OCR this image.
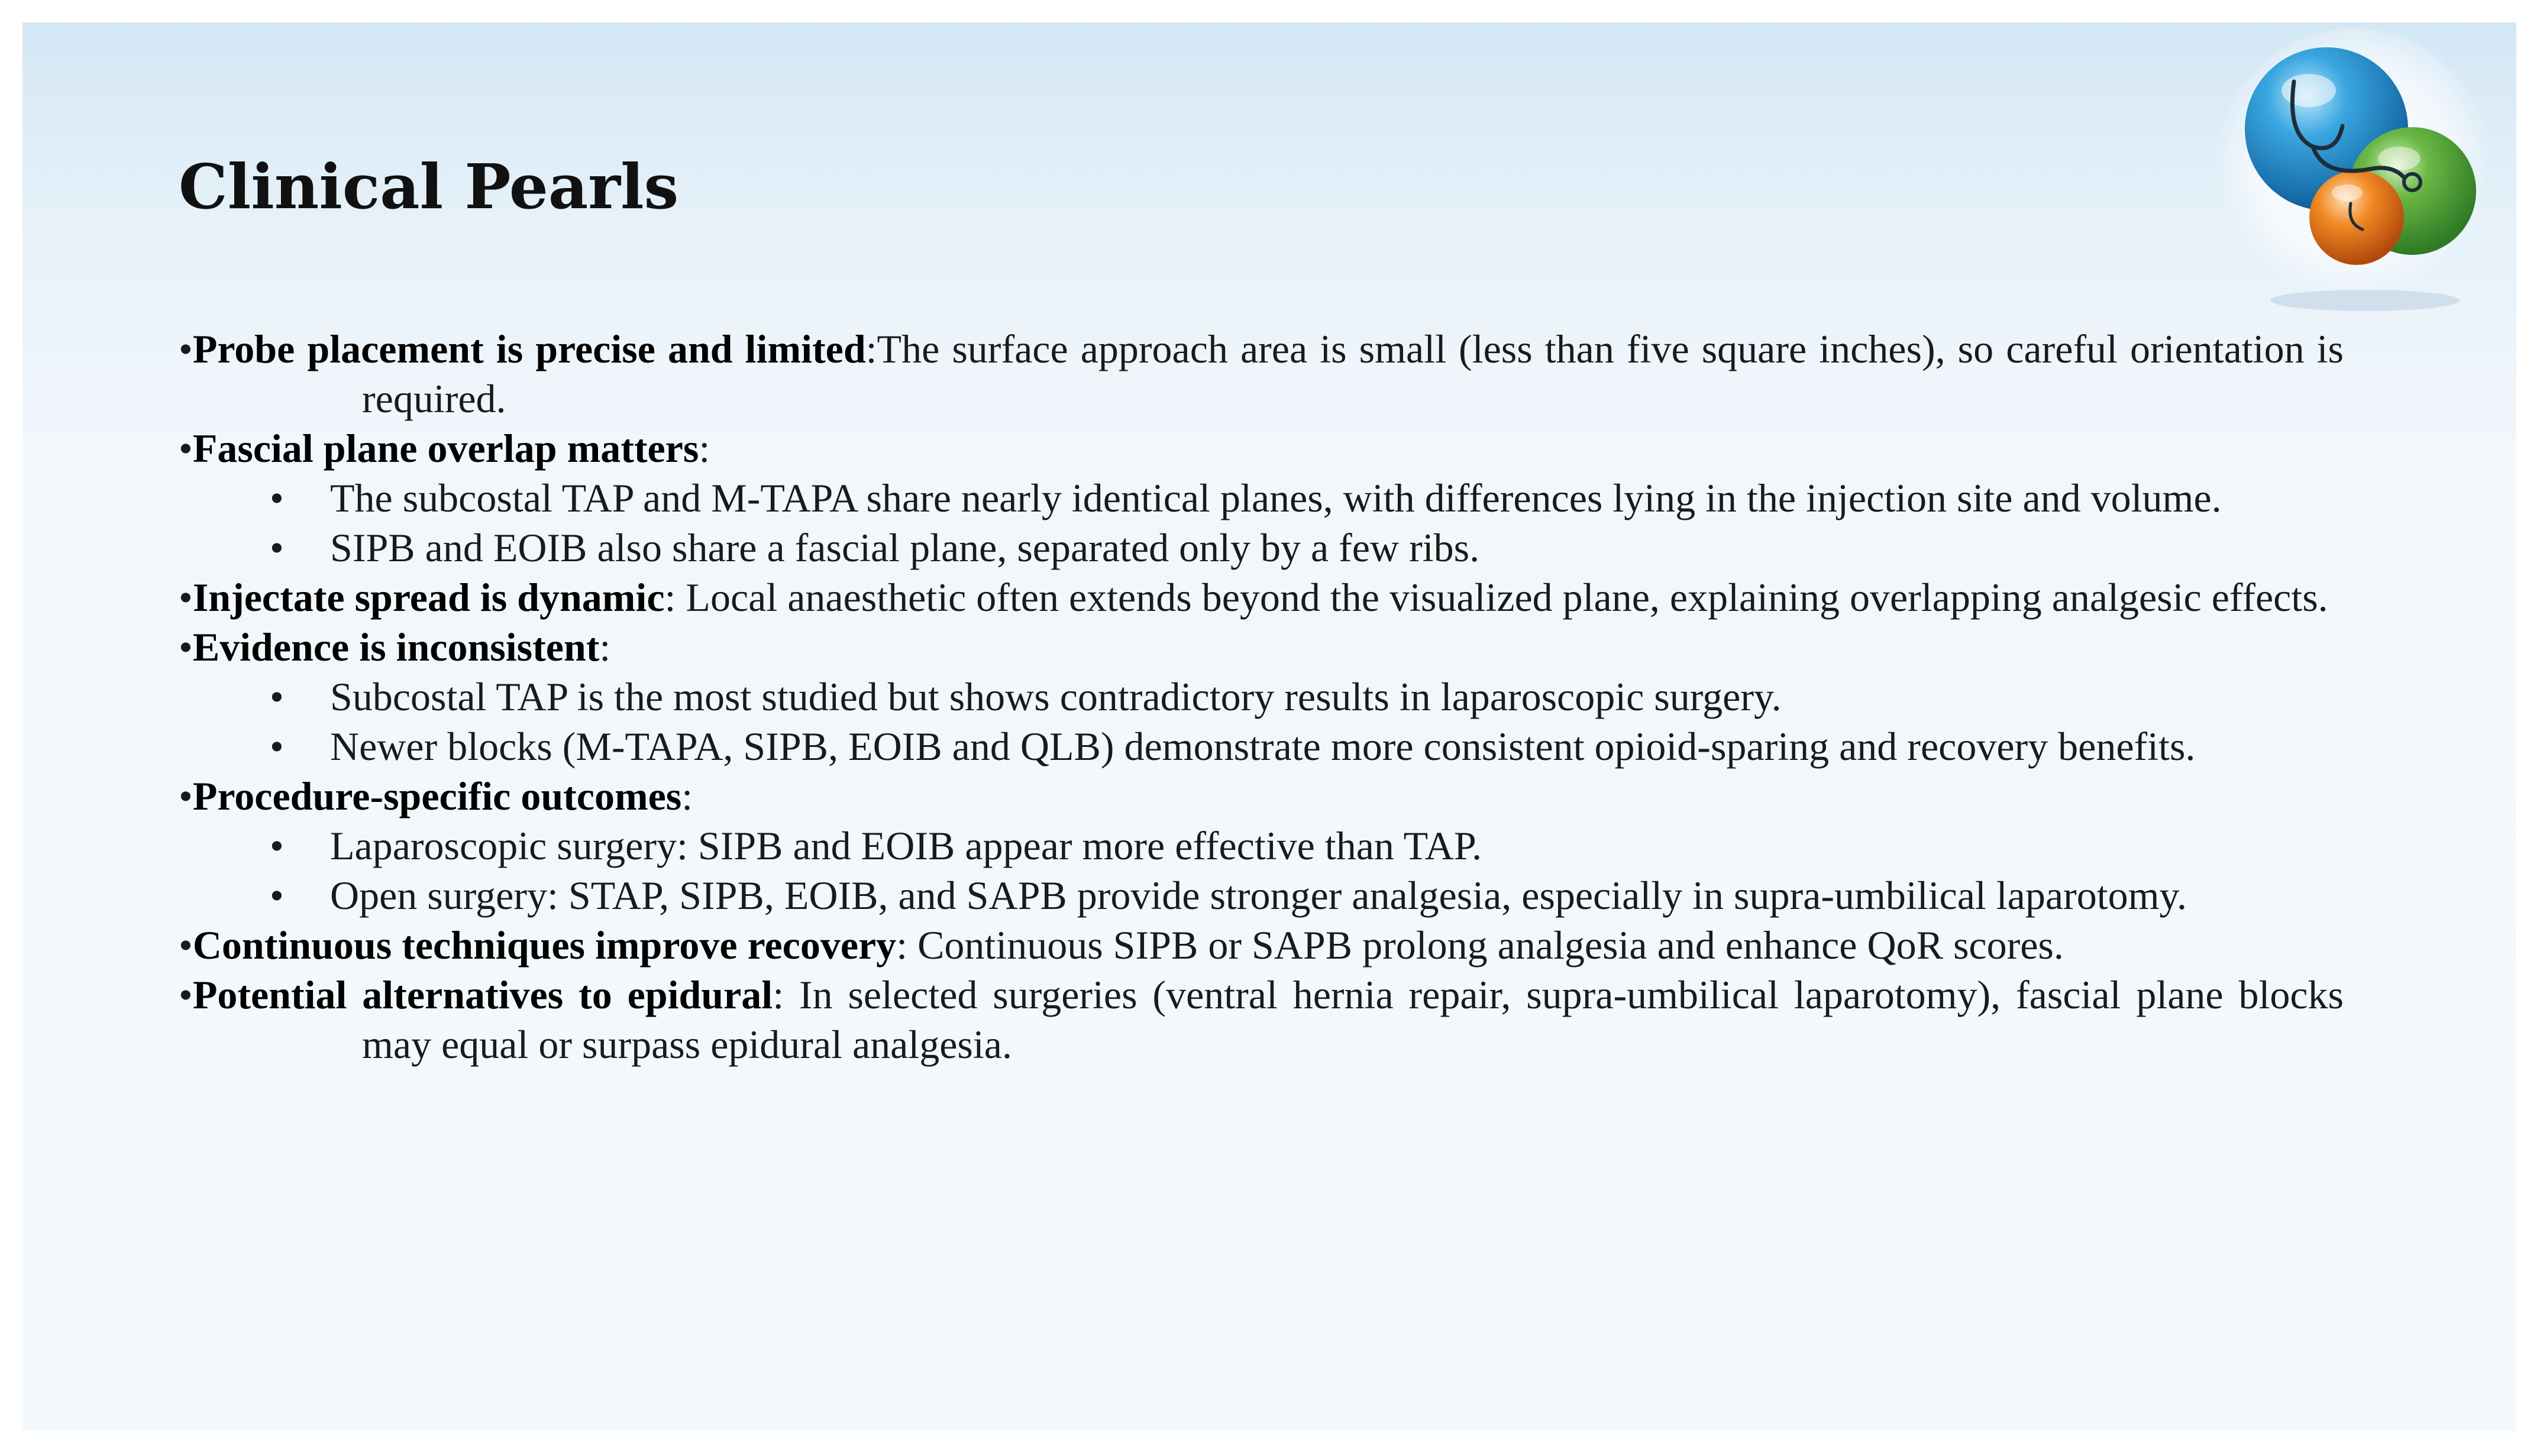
Clinical Pearls

•Probe placement is precise and limited:The surface approach area is small (less than five square inches), so careful orientation is required.

•Fascial plane overlap matters:

• The subcostal TAP and M-TAPA share nearly identical planes, with differences lying in the injection site and volume.

• SIPB and EOIB also share a fascial plane, separated only by a few ribs.

•Injectate spread is dynamic: Local anaesthetic often extends beyond the visualized plane, explaining overlapping analgesic effects.

•Evidence is inconsistent:

• Subcostal TAP is the most studied but shows contradictory results in laparoscopic surgery.

• Newer blocks (M-TAPA, SIPB, EOIB and QLB) demonstrate more consistent opioid-sparing and recovery benefits.

•Procedure-specific outcomes:

• Laparoscopic surgery: SIPB and EOIB appear more effective than TAP.

• Open surgery: STAP, SIPB, EOIB, and SAPB provide stronger analgesia, especially in supra-umbilical laparotomy.

•Continuous techniques improve recovery: Continuous SIPB or SAPB prolong analgesia and enhance QoR scores.

•Potential alternatives to epidural: In selected surgeries (ventral hernia repair, supra-umbilical laparotomy), fascial plane blocks may equal or surpass epidural analgesia.
